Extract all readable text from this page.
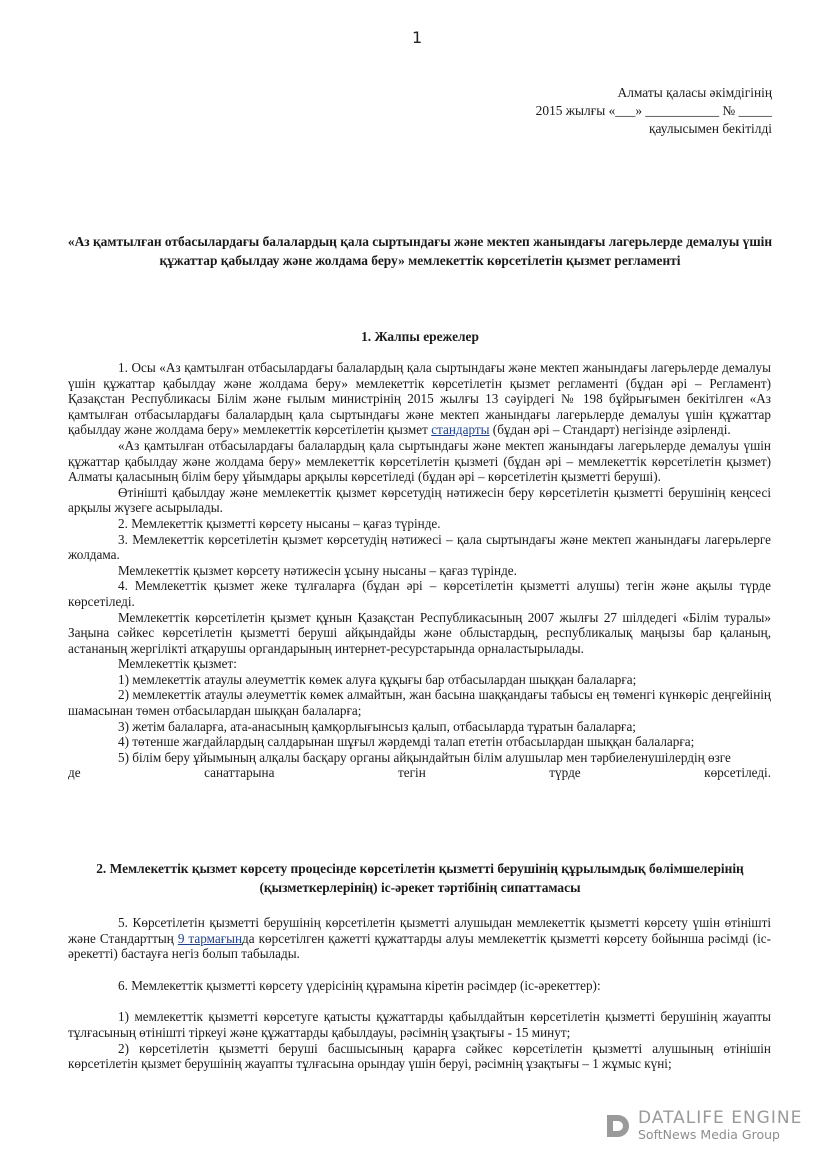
1
Алматы қаласы әкімдігінің
2015 жылғы «___» ___________ № _____
қаулысымен бекітілді
«Аз қамтылған отбасылардағы балалардың қала сыртындағы және мектеп жанындағы лагерьлерде демалуы үшін құжаттар қабылдау және жолдама беру» мемлекеттік көрсетілетін қызмет регламенті
1. Жалпы ережелер

1. Осы «Аз қамтылған отбасылардағы балалардың қала сыртындағы және мектеп жанындағы лагерьлерде демалуы үшін құжаттар қабылдау және жолдама беру» мемлекеттік көрсетілетін қызмет регламенті (бұдан әрі – Регламент) Қазақстан Республикасы Білім және ғылым министрінің 2015 жылғы 13 сәуірдегі № 198 бұйрығымен бекітілген «Аз қамтылған отбасылардағы балалардың қала сыртындағы және мектеп жанындағы лагерьлерде демалуы үшін құжаттар қабылдау және жолдама беру» мемлекеттік көрсетілетін қызмет стандарты (бұдан әрі – Стандарт) негізінде әзірленді.

«Аз қамтылған отбасылардағы балалардың қала сыртындағы және мектеп жанындағы лагерьлерде демалуы үшін құжаттар қабылдау және жолдама беру» мемлекеттік көрсетілетін қызметі (бұдан әрі – мемлекеттік көрсетілетін қызмет) Алматы қаласының білім беру ұйымдары арқылы көрсетіледі (бұдан әрі – көрсетілетін қызметті беруші).

Өтінішті қабылдау және мемлекеттік қызмет көрсетудің нәтижесін беру көрсетілетін қызметті берушінің кеңсесі арқылы жүзеге асырылады.

2. Мемлекеттік қызметті көрсету нысаны – қағаз түрінде.

3. Мемлекеттік көрсетілетін қызмет көрсетудің нәтижесі – қала сыртындағы және мектеп жанындағы лагерьлерге жолдама.

Мемлекеттік қызмет көрсету нәтижесін ұсыну нысаны – қағаз түрінде.

4. Мемлекеттік қызмет жеке тұлғаларға (бұдан әрі – көрсетілетін қызметті алушы) тегін және ақылы түрде көрсетіледі.

Мемлекеттік көрсетілетін қызмет құнын Қазақстан Республикасының 2007 жылғы 27 шілдедегі «Білім туралы» Заңына сәйкес көрсетілетін қызметті беруші айқындайды және облыстардың, республикалық маңызы бар қаланың, астананың жергілікті атқарушы органдарының интернет-ресурстарында орналастырылады.

Мемлекеттік қызмет:

1) мемлекеттік атаулы әлеуметтік көмек алуға құқығы бар отбасылардан шыққан балаларға;

2) мемлекеттік атаулы әлеуметтік көмек алмайтын, жан басына шаққандағы табысы ең төменгі күнкөріс деңгейінің шамасынан төмен отбасылардан шыққан балаларға;

3) жетім балаларға, ата-анасының қамқорлығынсыз қалып, отбасыларда тұратын балаларға;

4) төтенше жағдайлардың салдарынан шұғыл жәрдемді талап ететін отбасылардан шыққан балаларға;

5) білім беру ұйымының алқалы басқару органы айқындайтын білім алушылар мен тәрбиеленушілердің өзге

де санаттарына тегін түрде көрсетіледі.

2. Мемлекеттік қызмет көрсету процесінде көрсетілетін қызметті берушінің құрылымдық бөлімшелерінің (қызметкерлерінің) іс-әрекет тәртібінің сипаттамасы

5. Көрсетілетін қызметті берушінің көрсетілетін қызметті алушыдан мемлекеттік қызметті көрсету үшін өтінішті және Стандарттың 9 тармағында көрсетілген қажетті құжаттарды алуы мемлекеттік қызметті көрсету бойынша рәсімді (іс-әрекетті) бастауға негіз болып табылады.

6. Мемлекеттік қызметті көрсету үдерісінің құрамына кіретін рәсімдер (іс-әрекеттер):

1) мемлекеттік қызметті көрсетуге қатысты құжаттарды қабылдайтын көрсетілетін қызметті берушінің жауапты тұлғасының өтінішті тіркеуі және құжаттарды қабылдауы, рәсімнің ұзақтығы - 15 минут;

2) көрсетілетін қызметті беруші басшысының қарарға сәйкес көрсетілетін қызметті алушының өтінішін көрсетілетін қызмет берушінің жауапты тұлғасына орындау үшін беруі, рәсімнің ұзақтығы – 1 жұмыс күні;

DATALIFE ENGINE
SoftNews Media Group
